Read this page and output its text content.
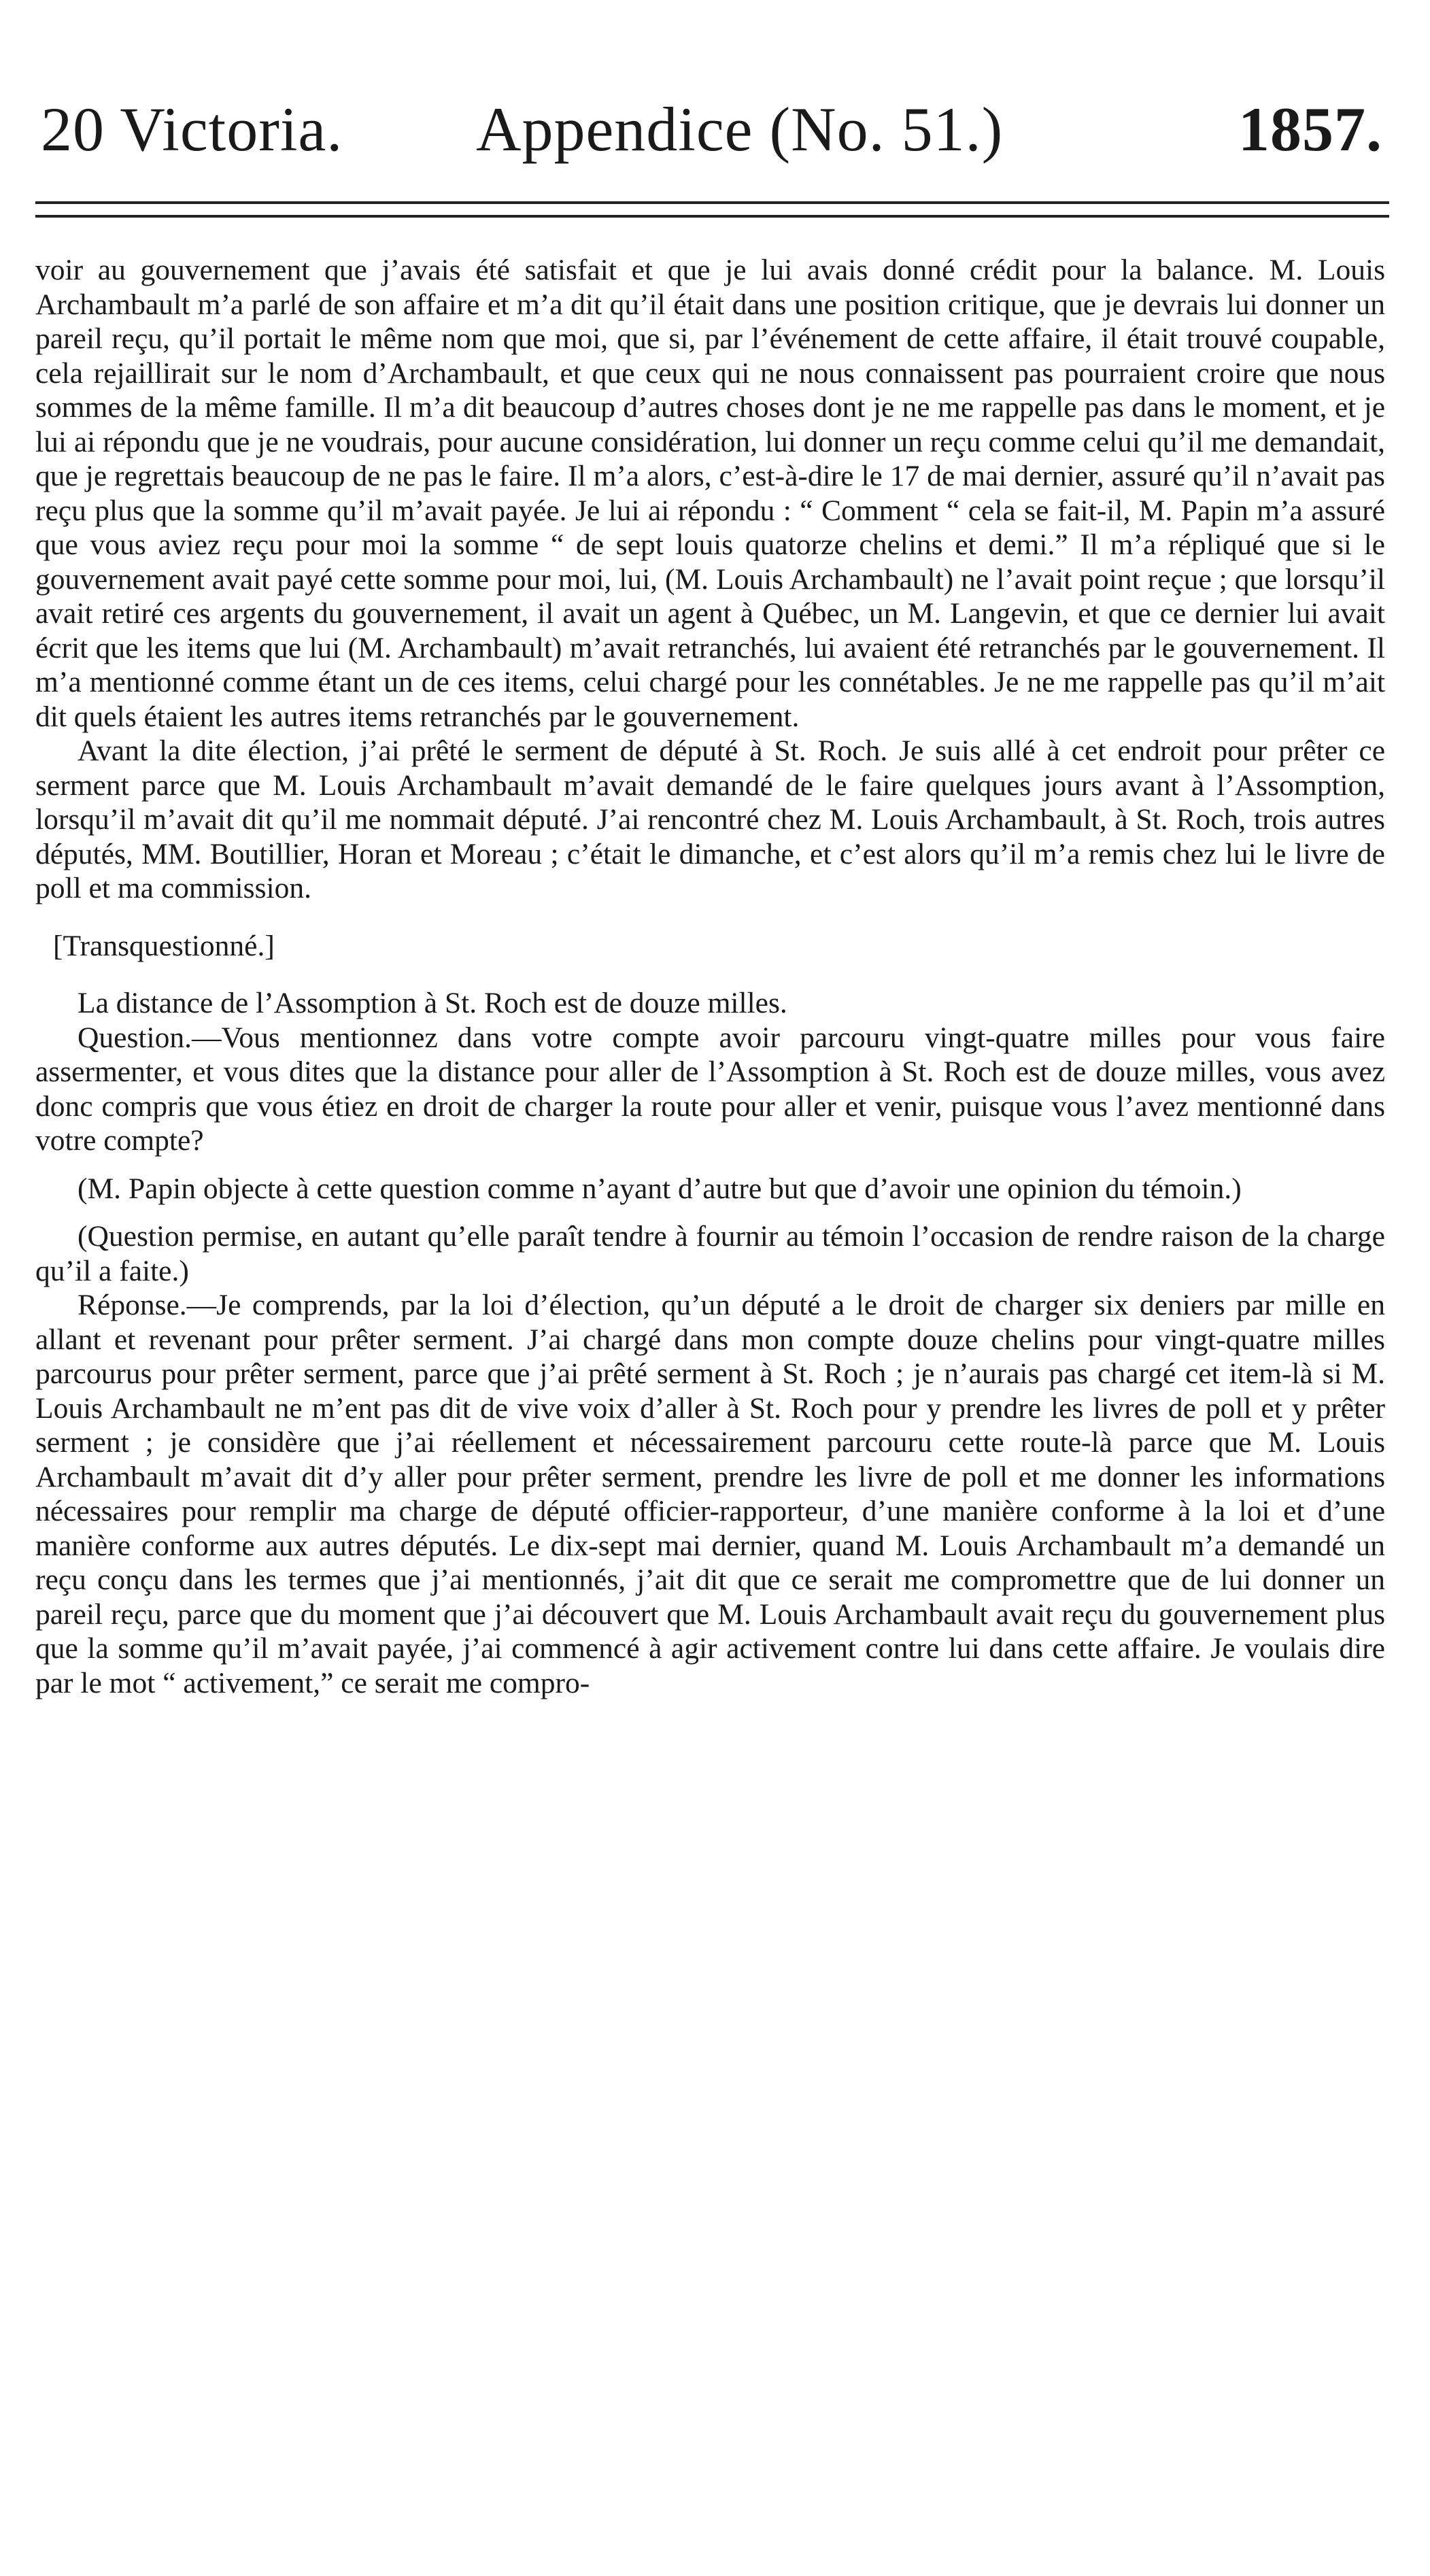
20 Victoria. Appendice (No. 51.)	1857.

voir au gouvernement que j’avais été satisfait et que je lui avais donné crédit pour la balance. M. Louis Archambault m’a parlé de son affaire et m’a dit qu’il était dans une position critique, que je devrais lui donner un pareil reçu, qu’il portait le même nom que moi, que si, par l’événement de cette affaire, il était trouvé coupable, cela rejaillirait sur le nom d’Archambault, et que ceux qui ne nous connaissent pas pourraient croire que nous sommes de la même famille. Il m’a dit beaucoup d’autres choses dont je ne me rappelle pas dans le moment, et je lui ai répondu que je ne voudrais, pour aucune considération, lui donner un reçu comme celui qu’il me demandait, que je regrettais beaucoup de ne pas le faire. Il m’a alors, c’est-à-dire le 17 de mai dernier, assuré qu’il n’avait pas reçu plus que la somme qu’il m’avait payée. Je lui ai répondu : “ Comment “ cela se fait-il, M. Papin m’a assuré que vous aviez reçu pour moi la somme “ de sept louis quatorze chelins et demi.” Il m’a répliqué que si le gouvernement avait payé cette somme pour moi, lui, (M. Louis Archambault) ne l’avait point reçue ; que lorsqu’il avait retiré ces argents du gouvernement, il avait un agent à Québec, un M. Langevin, et que ce dernier lui avait écrit que les items que lui (M. Archambault) m’avait retranchés, lui avaient été retranchés par le gouvernement. Il m’a mentionné comme étant un de ces items, celui chargé pour les connétables. Je ne me rappelle pas qu’il m’ait dit quels étaient les autres items retranchés par le gouvernement.

Avant la dite élection, j’ai prêté le serment de député à St. Roch. Je suis allé à cet endroit pour prêter ce serment parce que M. Louis Archambault m’avait demandé de le faire quelques jours avant à l’Assomption, lorsqu’il m’avait dit qu’il me nommait député. J’ai rencontré chez M. Louis Archambault, à St. Roch, trois autres députés, MM. Boutillier, Horan et Moreau ; c’était le dimanche, et c’est alors qu’il m’a remis chez lui le livre de poll et ma commission.

[Transquestionné.]

La distance de l’Assomption à St. Roch est de douze milles.

Question.—Vous mentionnez dans votre compte avoir parcouru vingt-quatre milles pour vous faire assermenter, et vous dites que la distance pour aller de l’Assomption à St. Roch est de douze milles, vous avez donc compris que vous étiez en droit de charger la route pour aller et venir, puisque vous l’avez mentionné dans votre compte?

(M. Papin objecte à cette question comme n’ayant d’autre but que d’avoir une opinion du témoin.)

(Question permise, en autant qu’elle paraît tendre à fournir au témoin l’occasion de rendre raison de la charge qu’il a faite.)

Réponse.—Je comprends, par la loi d’élection, qu’un député a le droit de charger six deniers par mille en allant et revenant pour prêter serment. J’ai chargé dans mon compte douze chelins pour vingt-quatre milles parcourus pour prêter serment, parce que j’ai prêté serment à St. Roch ; je n’aurais pas chargé cet item-là si M. Louis Archambault ne m’ent pas dit de vive voix d’aller à St. Roch pour y prendre les livres de poll et y prêter serment ; je considère que j’ai réellement et nécessairement parcouru cette route-là parce que M. Louis Archambault m’avait dit d’y aller pour prêter serment, prendre les livre de poll et me donner les informations nécessaires pour remplir ma charge de député officier-rapporteur, d’une manière conforme à la loi et d’une manière conforme aux autres députés. Le dix-sept mai dernier, quand M. Louis Archambault m’a demandé un reçu conçu dans les termes que j’ai mentionnés, j’ait dit que ce serait me compromettre que de lui donner un pareil reçu, parce que du moment que j’ai découvert que M. Louis Archambault avait reçu du gouvernement plus que la somme qu’il m’avait payée, j’ai commencé à agir activement contre lui dans cette affaire. Je voulais dire par le mot “ activement,” ce serait me compro-
